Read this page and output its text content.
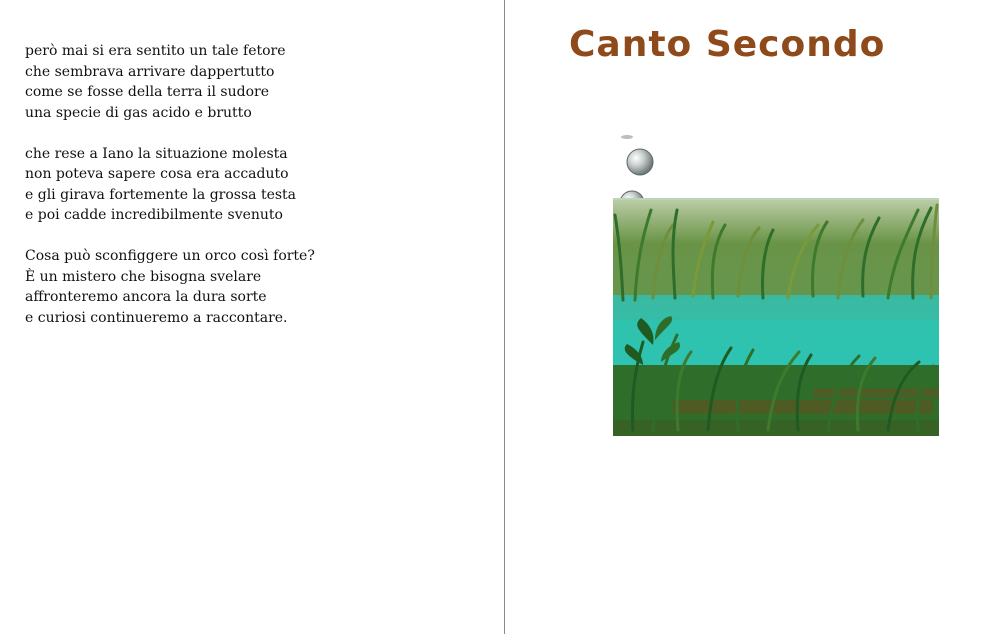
però mai si era sentito un tale fetore
che sembrava arrivare dappertutto
come se fosse della terra il sudore
una specie di gas acido e brutto
che rese a Iano la situazione molesta
non poteva sapere cosa era accaduto
e gli girava fortemente la grossa testa
e poi cadde incredibilmente svenuto
Cosa può sconfiggere un orco così forte?
È un mistero che bisogna svelare
affronteremo ancora la dura sorte
e curiosi continueremo a raccontare.
Canto Secondo
